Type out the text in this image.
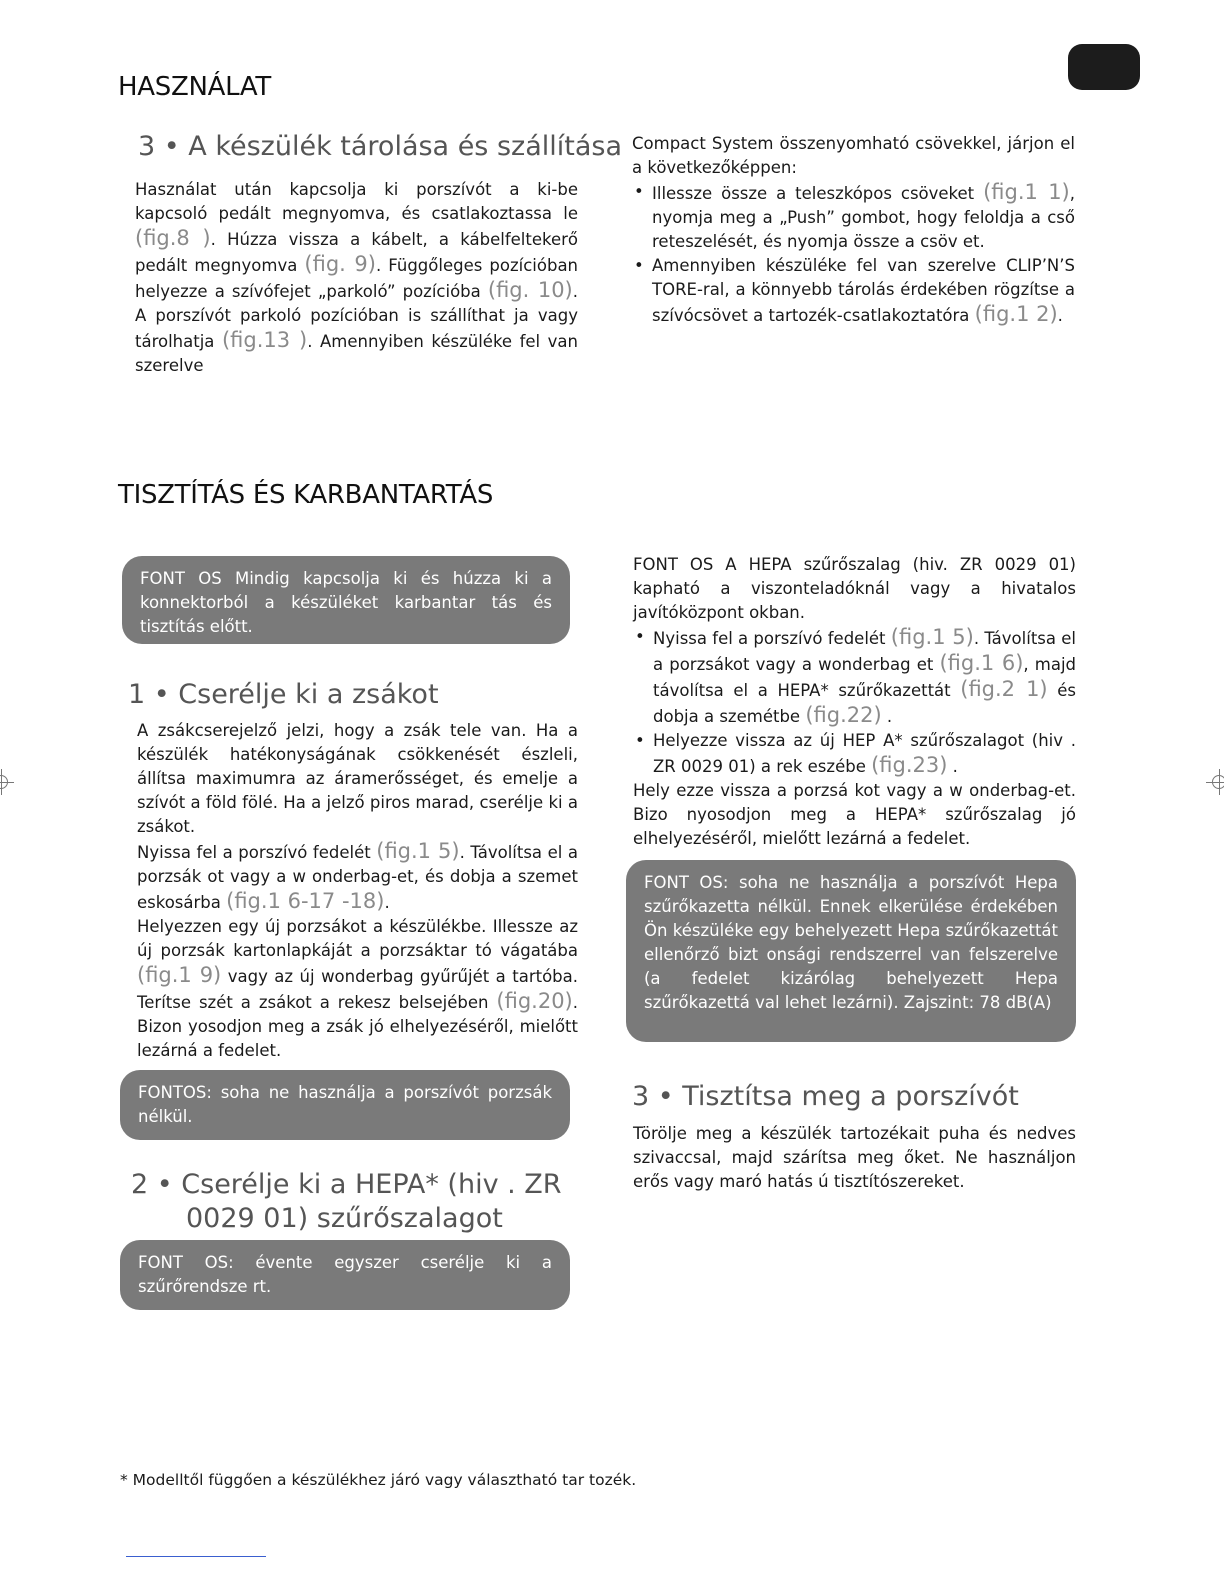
HASZNÁLAT
3 • A készülék tárolása és szállítása

Használat után kapcsolja ki porszívót a ki-be kapcsoló pedált megnyomva, és csatlakoztassa le (fig.8 ). Húzza vissza a kábelt, a kábelfeltekerő pedált megnyomva (fig. 9). Függőleges pozícióban helyezze a szívófejet „parkoló” pozícióba (fig. 10). A porszívót parkoló pozícióban is szállíthat ja vagy tárolhatja (fig.13 ). Amennyiben készüléke fel van szerelve

Compact System összenyomható csövekkel, járjon el a következőképpen:

• Illessze össze a teleszkópos csöveket (fig.1 1), nyomja meg a „Push” gombot, hogy feloldja a cső reteszelését, és nyomja össze a csöv et.
• Amennyiben készüléke fel van szerelve CLIP’N’S TORE-ral, a könnyebb tárolás érdekében rögzítse a szívócsövet a tartozék-csatlakoztatóra (fig.1 2).
TISZTÍTÁS ÉS KARBANTARTÁS
FONT OS Mindig kapcsolja ki és húzza ki a konnektorból a készüléket karbantar tás és tisztítás előtt.
1 • Cserélje ki a zsákot

A zsákcserejelző jelzi, hogy a zsák tele van. Ha a készülék hatékonyságának csökkenését észleli, állítsa maximumra az áramerősséget, és emelje a szívót a föld fölé. Ha a jelző piros marad, cserélje ki a zsákot.

Nyissa fel a porszívó fedelét (fig.1 5). Távolítsa el a porzsák ot vagy a w onderbag-et, és dobja a szemet eskosárba (fig.1 6-17 -18).

Helyezzen egy új porzsákot a készülékbe. Illessze az új porzsák kartonlapkáját a porzsáktar tó vágatába (fig.1 9) vagy az új wonderbag gyűrűjét a tartóba. Terítse szét a zsákot a rekesz belsejében (fig.20). Bizon yosodjon meg a zsák jó elhelyezéséről, mielőtt lezárná a fedelet.

FONTOS: soha ne használja a porszívót porzsák nélkül.
2 • Cserélje ki a HEPA* (hiv . ZR
0029 01) szűrőszalagot
FONT OS: évente egyszer cserélje ki a szűrőrendsze rt.

FONT OS A HEPA szűrőszalag (hiv. ZR 0029 01) kapható a viszonteladóknál vagy a hivatalos javítóközpont okban.

• Nyissa fel a porszívó fedelét (fig.1 5). Távolítsa el a porzsákot vagy a wonderbag et (fig.1 6), majd távolítsa el a HEPA* szűrőkazettát (fig.2 1) és dobja a szemétbe (fig.22) .
• Helyezze vissza az új HEP A* szűrőszalagot (hiv . ZR 0029 01) a rek eszébe (fig.23) .

Hely ezze vissza a porzsá kot vagy a w onderbag-et. Bizo nyosodjon meg a HEPA* szűrőszalag jó elhelyezéséről, mielőtt lezárná a fedelet.

FONT OS: soha ne használja a porszívót Hepa szűrőkazetta nélkül. Ennek elkerülése érdekében Ön készüléke egy behelyezett Hepa szűrőkazettát ellenőrző bizt onsági rendszerrel van felszerelve (a fedelet kizárólag behelyezett Hepa szűrőkazettá val lehet lezárni). Zajszint: 78 dB(A)
3 • Tisztítsa meg a porszívót
Törölje meg a készülék tartozékait puha és nedves szivaccsal, majd szárítsa meg őket. Ne használjon erős vagy maró hatás ú tisztítószereket.
* Modelltől függően a készülékhez járó vagy választható tar tozék.
